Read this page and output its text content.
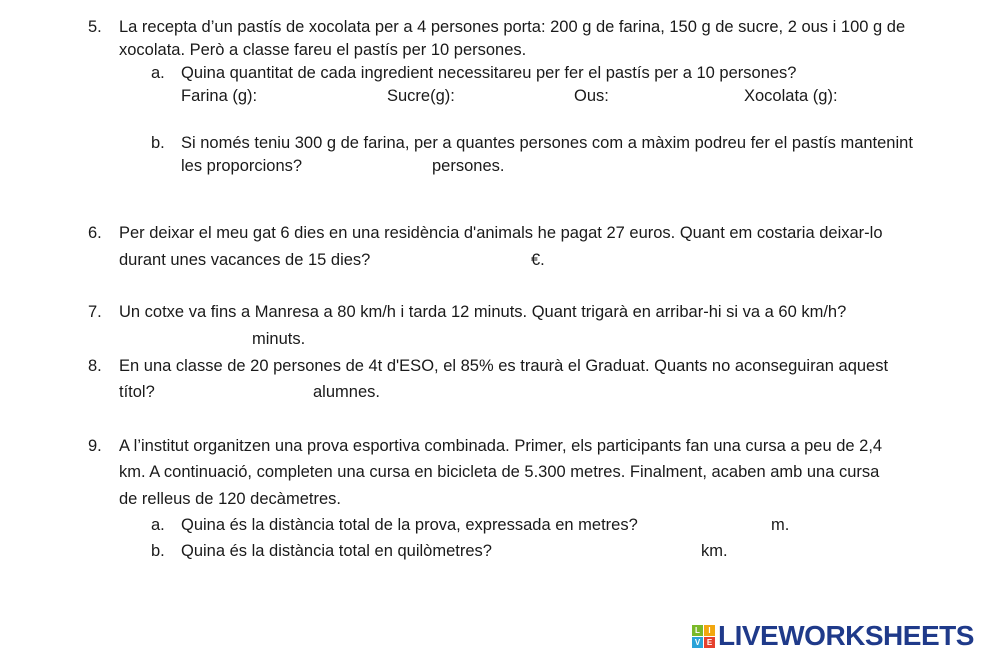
5. La recepta d’un pastís de xocolata per a 4 persones porta: 200 g de farina, 150 g de sucre, 2 ous i 100 g de
xocolata. Però a classe fareu el pastís per 10 persones.
a. Quina quantitat de cada ingredient necessitareu per fer el pastís per a 10 persones?
Farina (g):	Sucre(g):	Ous:	Xocolata (g):
b. Si només teniu 300 g de farina, per a quantes persones com a màxim podreu fer el pastís mantenint
les proporcions?	persones.
6. Per deixar el meu gat 6 dies en una residència d'animals he pagat 27 euros. Quant em costaria deixar-lo
durant unes vacances de 15 dies?	€.
7. Un cotxe va fins a Manresa a 80 km/h i tarda 12 minuts. Quant trigarà en arribar-hi si va a 60 km/h?
minuts.
8. En una classe de 20 persones de 4t d'ESO, el 85% es traurà el Graduat. Quants no aconseguiran aquest
títol?	alumnes.
9. A l’institut organitzen una prova esportiva combinada. Primer, els participants fan una cursa a peu de 2,4
km. A continuació, completen una cursa en bicicleta de 5.300 metres. Finalment, acaben amb una cursa
de relleus de 120 decàmetres.
a. Quina és la distància total de la prova, expressada en metres?	m.
b. Quina és la distància total en quilòmetres?	km.
L	I
V E LIVEWORKSHEETS
